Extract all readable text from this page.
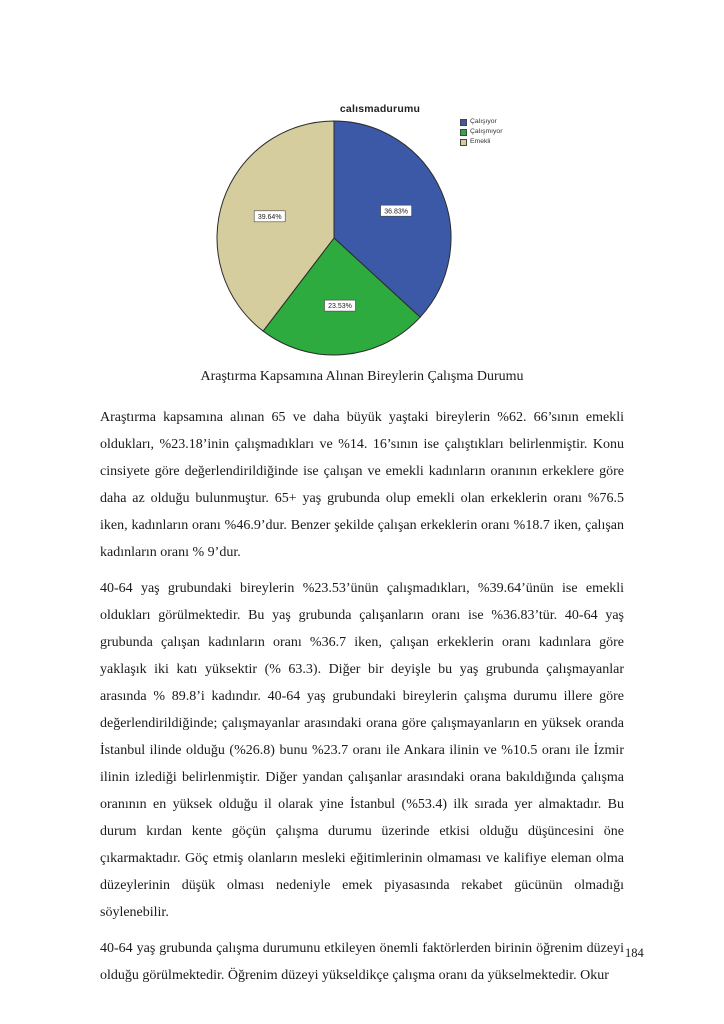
calısmadurumu
36.83%
23.53%
39.64%
Çalışıyor
Çalışmıyor
Emekli
Araştırma Kapsamına Alınan Bireylerin Çalışma Durumu

Araştırma kapsamına alınan 65 ve daha büyük yaştaki bireylerin %62. 66’sının emekli oldukları, %23.18’inin çalışmadıkları ve %14. 16’sının ise çalıştıkları belirlenmiştir. Konu cinsiyete göre değerlendirildiğinde ise çalışan ve emekli kadınların oranının erkeklere göre daha az olduğu bulunmuştur. 65+ yaş grubunda olup emekli olan erkeklerin oranı %76.5 iken, kadınların oranı %46.9’dur. Benzer şekilde çalışan erkeklerin oranı %18.7 iken, çalışan kadınların oranı % 9’dur.

40-64 yaş grubundaki bireylerin %23.53’ünün çalışmadıkları, %39.64’ünün ise emekli oldukları görülmektedir. Bu yaş grubunda çalışanların oranı ise %36.83’tür. 40-64 yaş grubunda çalışan kadınların oranı %36.7 iken, çalışan erkeklerin oranı kadınlara göre yaklaşık iki katı yüksektir (% 63.3). Diğer bir deyişle bu yaş grubunda çalışmayanlar arasında % 89.8’i kadındır. 40-64 yaş grubundaki bireylerin çalışma durumu illere göre değerlendirildiğinde; çalışmayanlar arasındaki orana göre çalışmayanların en yüksek oranda İstanbul ilinde olduğu (%26.8) bunu %23.7 oranı ile Ankara ilinin ve %10.5 oranı ile İzmir ilinin izlediği belirlenmiştir. Diğer yandan çalışanlar arasındaki orana bakıldığında çalışma oranının en yüksek olduğu il olarak yine İstanbul (%53.4) ilk sırada yer almaktadır. Bu durum kırdan kente göçün çalışma durumu üzerinde etkisi olduğu düşüncesini öne çıkarmaktadır. Göç etmiş olanların mesleki eğitimlerinin olmaması ve kalifiye eleman olma düzeylerinin düşük olması nedeniyle emek piyasasında rekabet gücünün olmadığı söylenebilir.

40-64 yaş grubunda çalışma durumunu etkileyen önemli faktörlerden birinin öğrenim düzeyi olduğu görülmektedir. Öğrenim düzeyi yükseldikçe çalışma oranı da yükselmektedir. Okur

184
